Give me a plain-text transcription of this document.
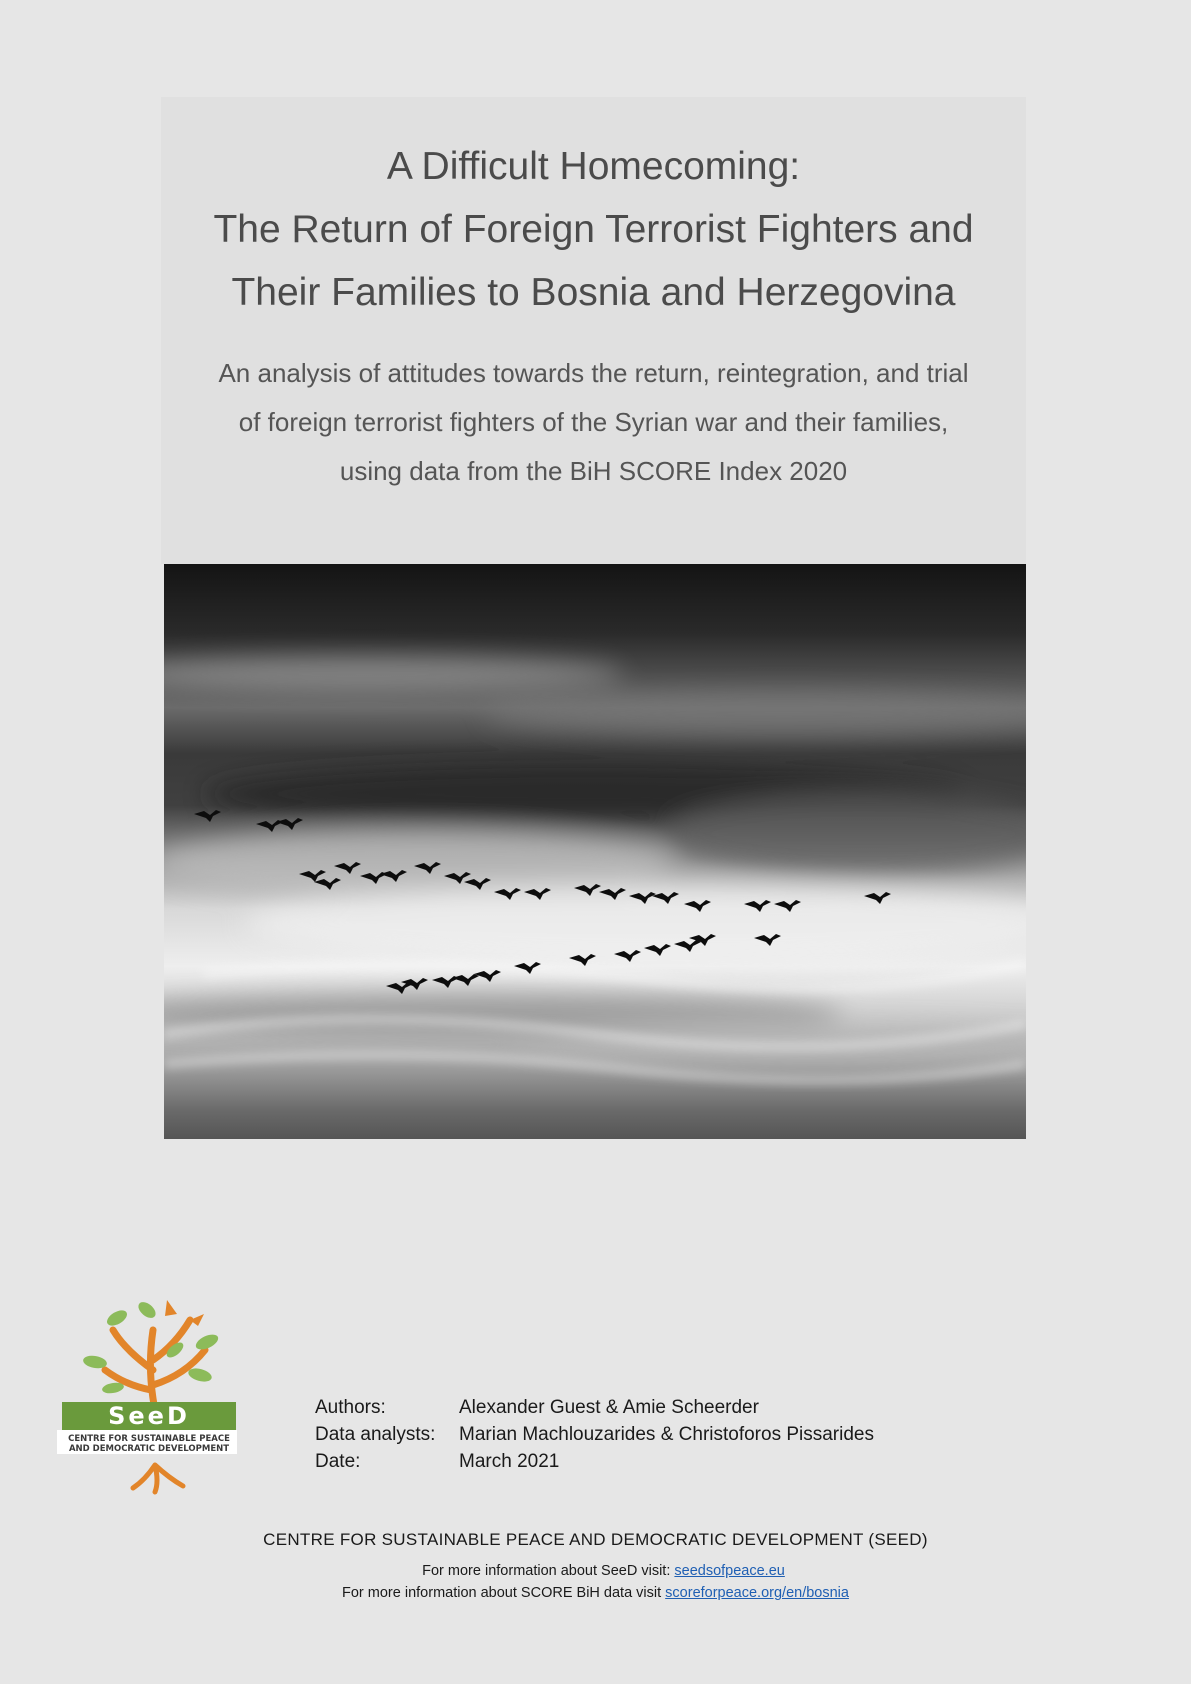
A Difficult Homecoming:
The Return of Foreign Terrorist Fighters and
Their Families to Bosnia and Herzegovina
An analysis of attitudes towards the return, reintegration, and trial
of foreign terrorist fighters of the Syrian war and their families,
using data from the BiH SCORE Index 2020
SeeD
CENTRE FOR SUSTAINABLE PEACE
AND DEMOCRATIC DEVELOPMENT
Authors:	Alexander Guest & Amie Scheerder
Data analysts:	Marian Machlouzarides & Christoforos Pissarides
Date:	March 2021
CENTRE FOR SUSTAINABLE PEACE AND DEMOCRATIC DEVELOPMENT (SEED)
For more information about SeeD visit: seedsofpeace.eu
For more information about SCORE BiH data visit scoreforpeace.org/en/bosnia
